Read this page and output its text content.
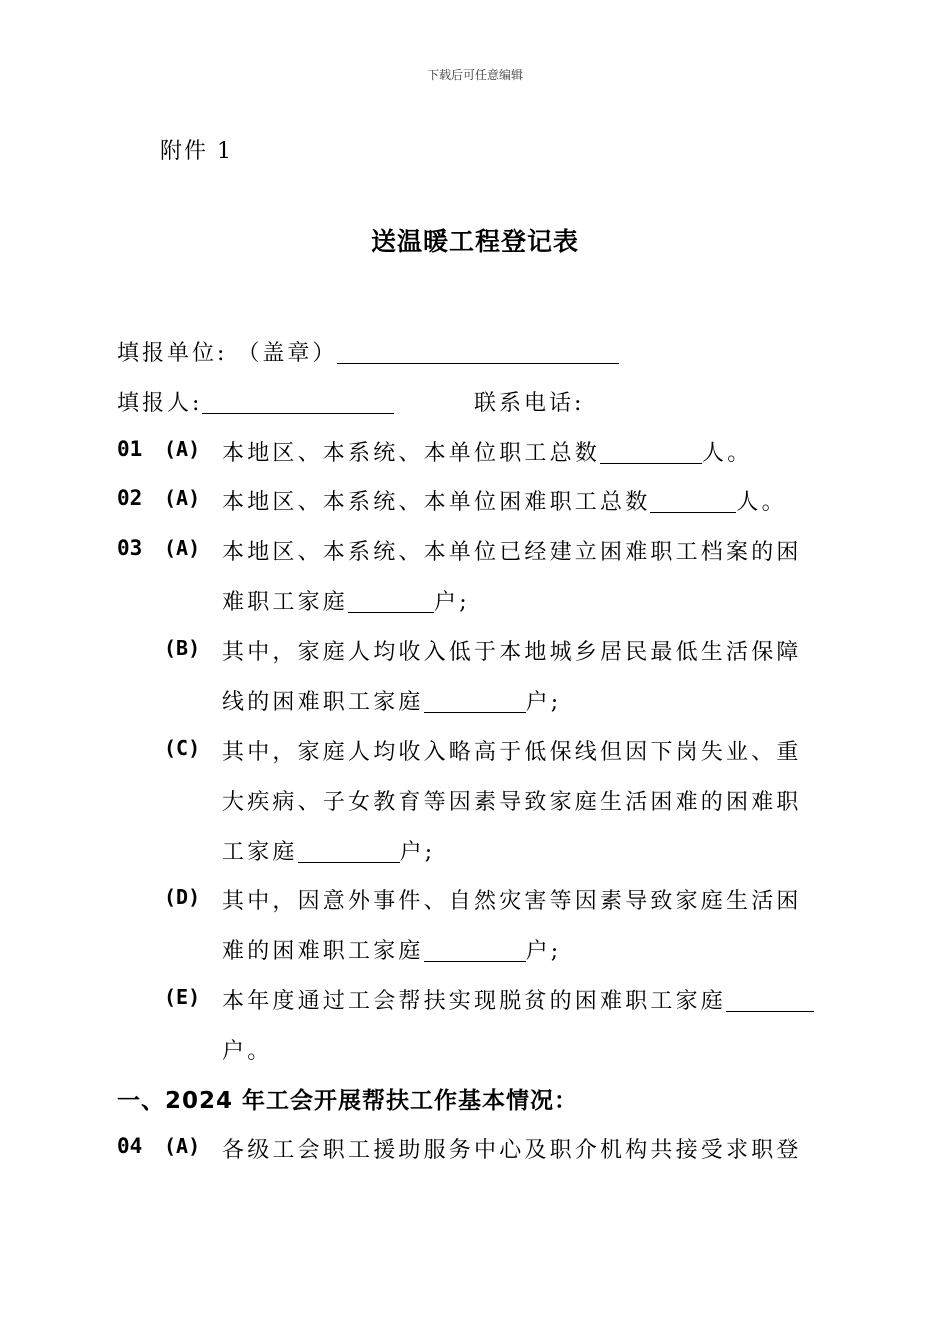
下载后可任意编辑
附件 1
送温暖工程登记表
填报单位: （盖章）
填报人:	联系电话:
01 (A) 本地区、本系统、本单位职工总数	人。
02 (A) 本地区、本系统、本单位困难职工总数	人。
03 (A) 本地区、本系统、本单位已经建立困难职工档案的困
难职工家庭	户;
(B) 其中，家庭人均收入低于本地城乡居民最低生活保障
线的困难职工家庭	户;
(C) 其中，家庭人均收入略高于低保线但因下岗失业、重
大疾病、子女教育等因素导致家庭生活困难的困难职
工家庭	户;
(D) 其中，因意外事件、自然灾害等因素导致家庭生活困
难的困难职工家庭	户;
(E) 本年度通过工会帮扶实现脱贫的困难职工家庭
户。
一、2024 年工会开展帮扶工作基本情况：
04 (A) 各级工会职工援助服务中心及职介机构共接受求职登
